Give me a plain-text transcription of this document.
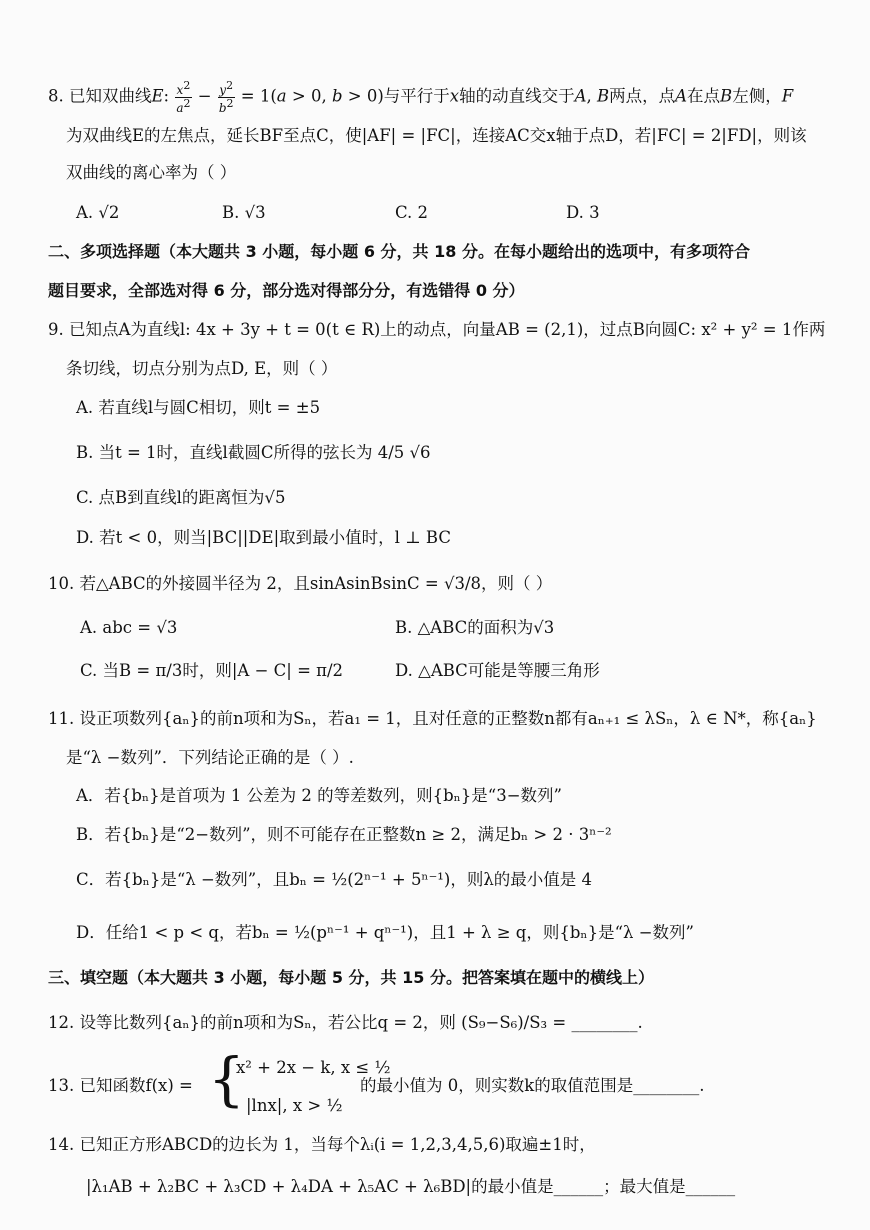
8. 已知双曲线E: $\frac{x^2}{a^2} - \frac{y^2}{b^2} = 1(a > 0$, b > 0)与平行于x轴的动直线交于A, B两点，点A在点B左侧，F
为双曲线E的左焦点，延长BF至点C，使|AF| = |FC|，连接AC交x轴于点D，若|FC| = 2|FD|，则该
双曲线的离心率为（ ）
A. √2	B. √3	C. 2	D. 3
二、多项选择题（本大题共 3 小题，每小题 6 分，共 18 分。在每小题给出的选项中，有多项符合
题目要求，全部选对得 6 分，部分选对得部分分，有选错得 0 分）
9. 已知点A为直线l: 4x + 3y + t = 0(t ∈ R)上的动点，向量AB = (2,1)，过点B向圆C: x² + y² = 1作两
条切线，切点分别为点D, E，则（ ）
A. 若直线l与圆C相切，则t = ±5
B. 当t = 1时，直线l截圆C所得的弦长为 4/5 √6
C. 点B到直线l的距离恒为√5
D. 若t < 0，则当|BC||DE|取到最小值时，l ⊥ BC
10. 若△ABC的外接圆半径为 2，且sinAsinBsinC = √3/8，则（ ）
A. abc = √3	B. △ABC的面积为√3
C. 当B = π/3时，则|A − C| = π/2	D. △ABC可能是等腰三角形
11. 设正项数列{aₙ}的前n项和为Sₙ，若a₁ = 1，且对任意的正整数n都有aₙ₊₁ ≤ λSₙ，λ ∈ N*，称{aₙ}
是“λ −数列”．下列结论正确的是（ ）.
A．若{bₙ}是首项为 1 公差为 2 的等差数列，则{bₙ}是“3−数列”
B．若{bₙ}是“2−数列”，则不可能存在正整数n ≥ 2，满足bₙ > 2 · 3ⁿ⁻²
C．若{bₙ}是“λ −数列”，且bₙ = ½(2ⁿ⁻¹ + 5ⁿ⁻¹)，则λ的最小值是 4
D．任给1 < p < q，若bₙ = ½(pⁿ⁻¹ + qⁿ⁻¹)，且1 + λ ≥ q，则{bₙ}是“λ −数列”
三、填空题（本大题共 3 小题，每小题 5 分，共 15 分。把答案填在题中的横线上）
12. 设等比数列{aₙ}的前n项和为Sₙ，若公比q = 2，则 (S₉−S₆)/S₃ = ________.
13. 已知函数f(x) = {
x² + 2x − k, x ≤ ½
|lnx|, x > ½
的最小值为 0，则实数k的取值范围是________.
14. 已知正方形ABCD的边长为 1，当每个λᵢ(i = 1,2,3,4,5,6)取遍±1时，
|λ₁AB + λ₂BC + λ₃CD + λ₄DA + λ₅AC + λ₆BD|的最小值是______；最大值是______
